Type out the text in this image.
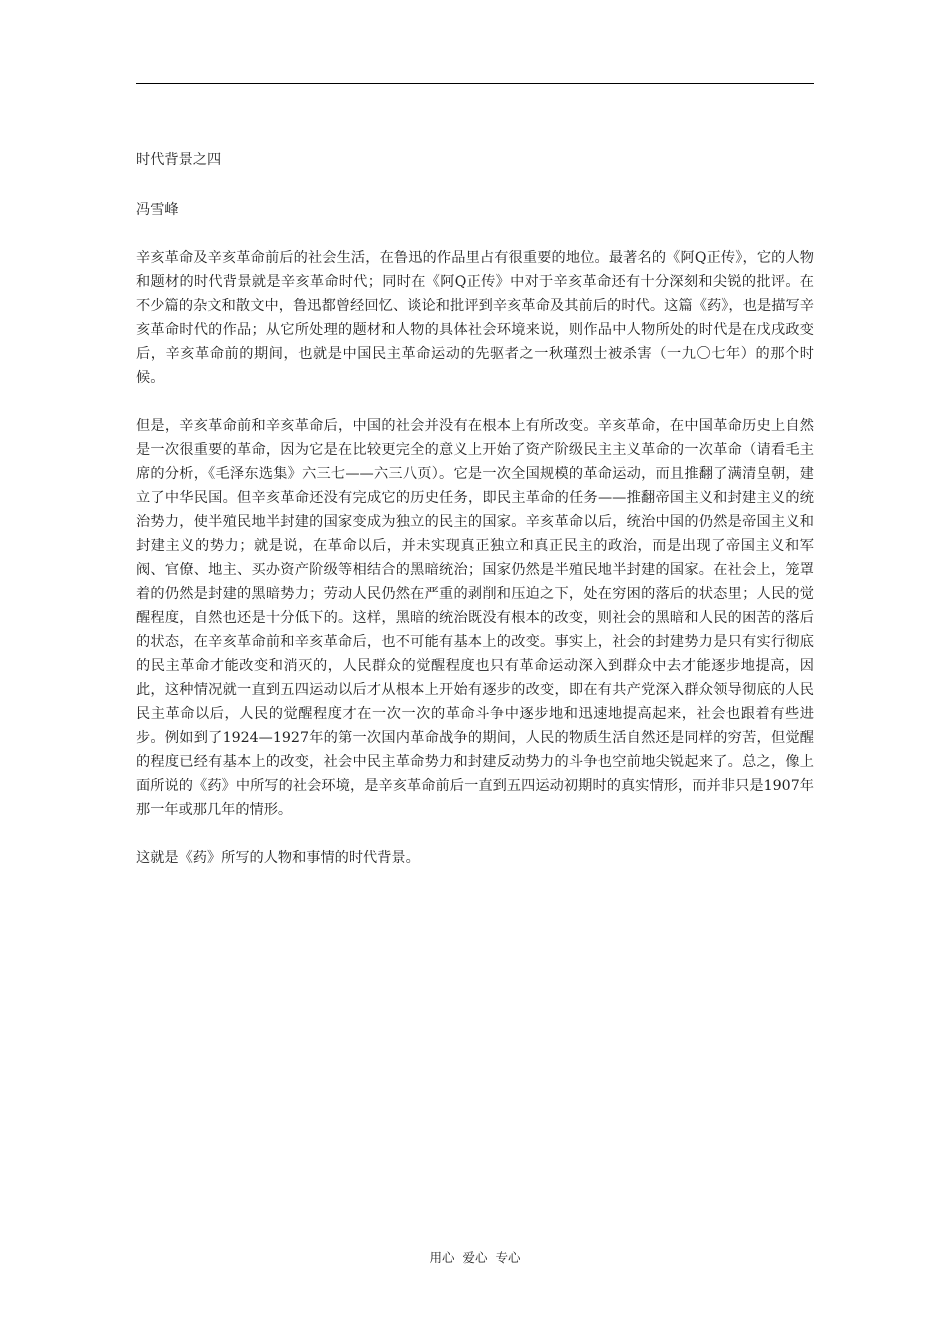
时代背景之四

冯雪峰

辛亥革命及辛亥革命前后的社会生活，在鲁迅的作品里占有很重要的地位。最著名的《阿Q正传》，它的人物和题材的时代背景就是辛亥革命时代；同时在《阿Q正传》中对于辛亥革命还有十分深刻和尖锐的批评。在不少篇的杂文和散文中，鲁迅都曾经回忆、谈论和批评到辛亥革命及其前后的时代。这篇《药》，也是描写辛亥革命时代的作品；从它所处理的题材和人物的具体社会环境来说，则作品中人物所处的时代是在戊戌政变后，辛亥革命前的期间，也就是中国民主革命运动的先驱者之一秋瑾烈士被杀害（一九〇七年）的那个时候。

但是，辛亥革命前和辛亥革命后，中国的社会并没有在根本上有所改变。辛亥革命，在中国革命历史上自然是一次很重要的革命，因为它是在比较更完全的意义上开始了资产阶级民主主义革命的一次革命（请看毛主席的分析，《毛泽东选集》六三七——六三八页）。它是一次全国规模的革命运动，而且推翻了满清皇朝，建立了中华民国。但辛亥革命还没有完成它的历史任务，即民主革命的任务——推翻帝国主义和封建主义的统治势力，使半殖民地半封建的国家变成为独立的民主的国家。辛亥革命以后，统治中国的仍然是帝国主义和封建主义的势力；就是说，在革命以后，并未实现真正独立和真正民主的政治，而是出现了帝国主义和军阀、官僚、地主、买办资产阶级等相结合的黑暗统治；国家仍然是半殖民地半封建的国家。在社会上，笼罩着的仍然是封建的黑暗势力；劳动人民仍然在严重的剥削和压迫之下，处在穷困的落后的状态里；人民的觉醒程度，自然也还是十分低下的。这样，黑暗的统治既没有根本的改变，则社会的黑暗和人民的困苦的落后的状态，在辛亥革命前和辛亥革命后，也不可能有基本上的改变。事实上，社会的封建势力是只有实行彻底的民主革命才能改变和消灭的，人民群众的觉醒程度也只有革命运动深入到群众中去才能逐步地提高，因此，这种情况就一直到五四运动以后才从根本上开始有逐步的改变，即在有共产党深入群众领导彻底的人民民主革命以后，人民的觉醒程度才在一次一次的革命斗争中逐步地和迅速地提高起来，社会也跟着有些进步。例如到了1924—1927年的第一次国内革命战争的期间，人民的物质生活自然还是同样的穷苦，但觉醒的程度已经有基本上的改变，社会中民主革命势力和封建反动势力的斗争也空前地尖锐起来了。总之，像上面所说的《药》中所写的社会环境，是辛亥革命前后一直到五四运动初期时的真实情形，而并非只是1907年那一年或那几年的情形。

这就是《药》所写的人物和事情的时代背景。

用心  爱心  专心
